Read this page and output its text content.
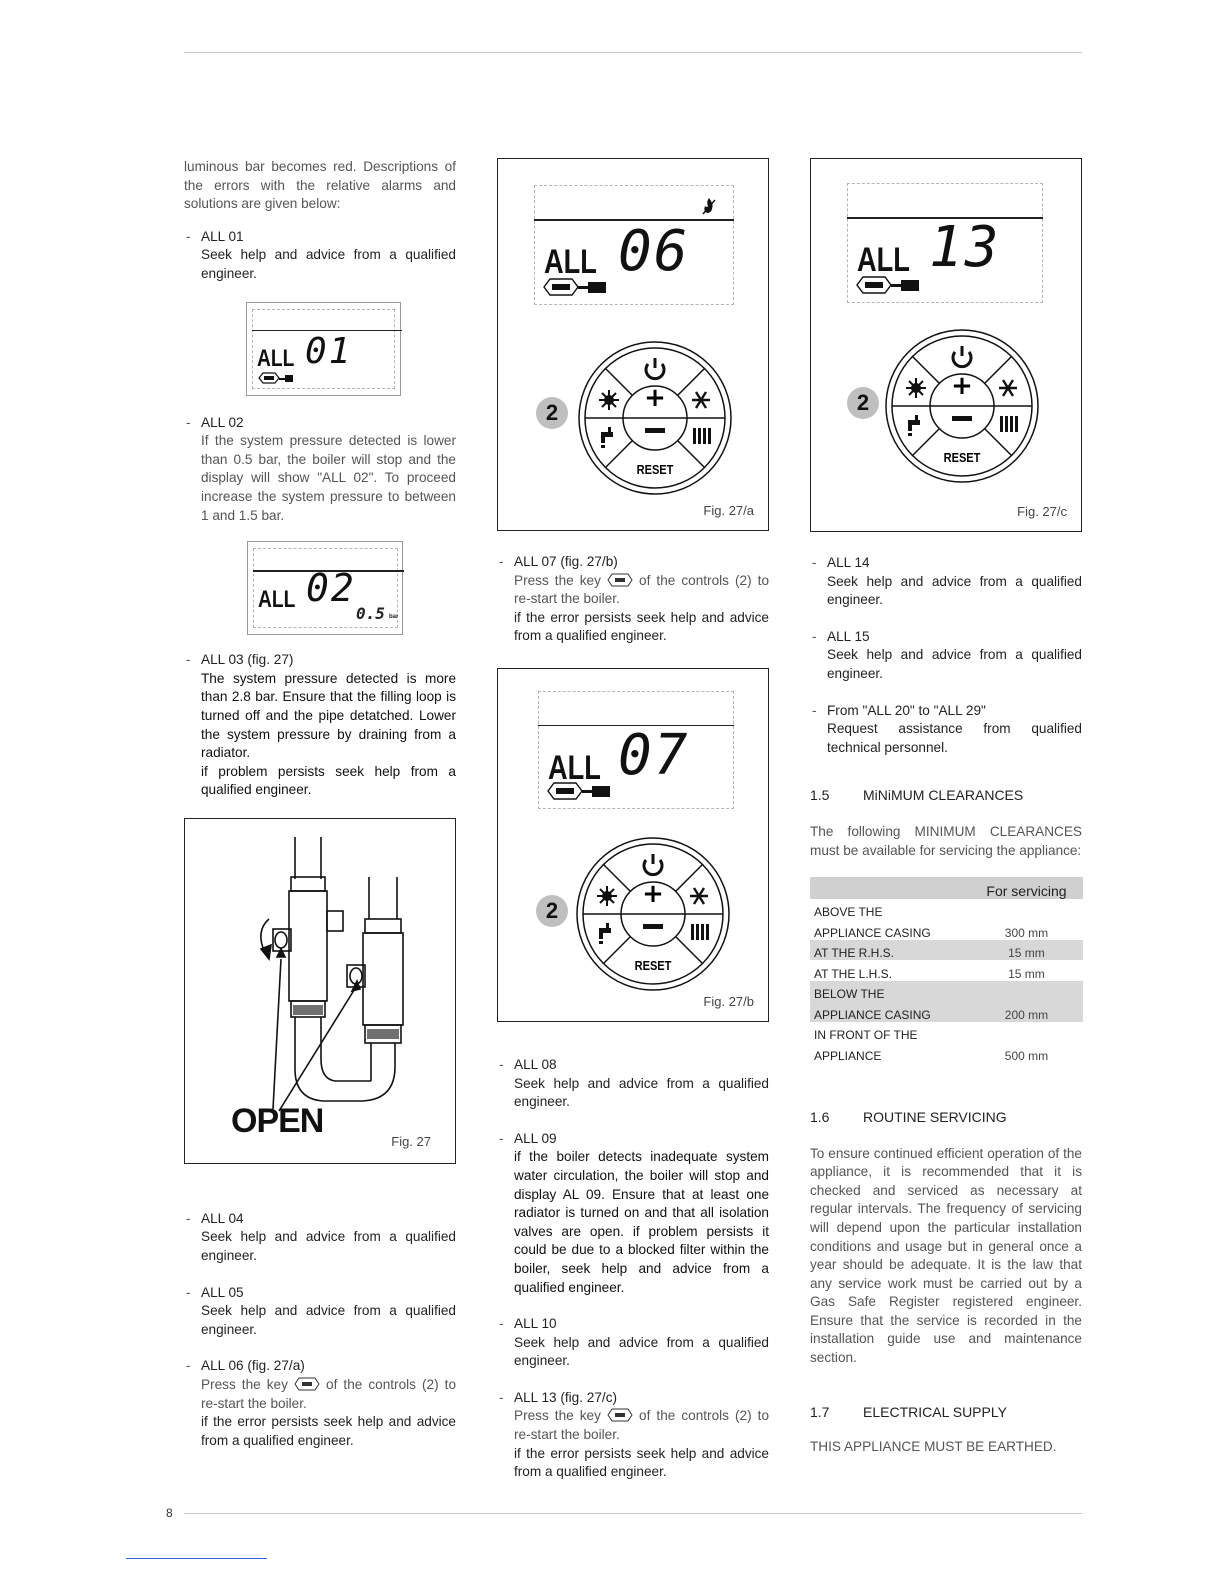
8

luminous bar becomes red. Descriptions of the errors with the relative alarms and solutions are given below:

- ALL 01
Seek help and advice from a qualified engineer.
ALL 01
- ALL 02
If the system pressure detected is lower than 0.5 bar, the boiler will stop and the display will show "ALL 02". To proceed increase the system pressure to between 1 and 1.5 bar.
ALL 02
0.5 bar
- ALL 03 (fig. 27)
The system pressure detected is more than 2.8 bar. Ensure that the filling loop is turned off and the pipe detatched. Lower the system pressure by draining from a radiator.
if problem persists seek help from a qualified engineer.
OPEN
Fig. 27
- ALL 04
Seek help and advice from a qualified engineer.
- ALL 05
Seek help and advice from a qualified engineer.
- ALL 06 (fig. 27/a)
Press the key	of the controls (2) to re-start the boiler.
if the error persists seek help and advice from a qualified engineer.
ALL 06
2	+
RESET
Fig. 27/a
- ALL 07 (fig. 27/b)
Press the key	of the controls (2) to re-start the boiler.
if the error persists seek help and advice from a qualified engineer.
ALL 07
2
+
RESET
Fig. 27/b
- ALL 08
Seek help and advice from a qualified engineer.
- ALL 09
if the boiler detects inadequate system water circulation, the boiler will stop and display AL 09. Ensure that at least one radiator is turned on and that all isolation valves are open. if problem persists it could be due to a blocked filter within the boiler, seek help and advice from a qualified engineer.
- ALL 10
Seek help and advice from a qualified engineer.
- ALL 13 (fig. 27/c)
Press the key	of the controls (2) to re-start the boiler.
if the error persists seek help and advice from a qualified engineer.
ALL 13
2
+
RESET
Fig. 27/c
- ALL 14
Seek help and advice from a qualified engineer.
- ALL 15
Seek help and advice from a qualified engineer.
- From "ALL 20" to "ALL 29"
Request assistance from qualified technical personnel.
1.5	MiNiMUM CLEARANCES

The following MINIMUM CLEARANCES must be available for servicing the appliance:

	For servicing
ABOVE THE	
APPLIANCE CASING	300 mm
AT THE R.H.S.	15 mm
AT THE L.H.S.	15 mm
BELOW THE	
APPLIANCE CASING	200 mm
IN FRONT OF THE	
APPLIANCE	500 mm
1.6	ROUTINE SERVICING

To ensure continued efficient operation of the appliance, it is recommended that it is checked and serviced as necessary at regular intervals. The frequency of servicing will depend upon the particular installation conditions and usage but in general once a year should be adequate. It is the law that any service work must be carried out by a Gas Safe Register registered engineer. Ensure that the service is recorded in the installation guide use and maintenance section.

1.7	ELECTRICAL SUPPLY

THIS APPLIANCE MUST BE EARTHED.
